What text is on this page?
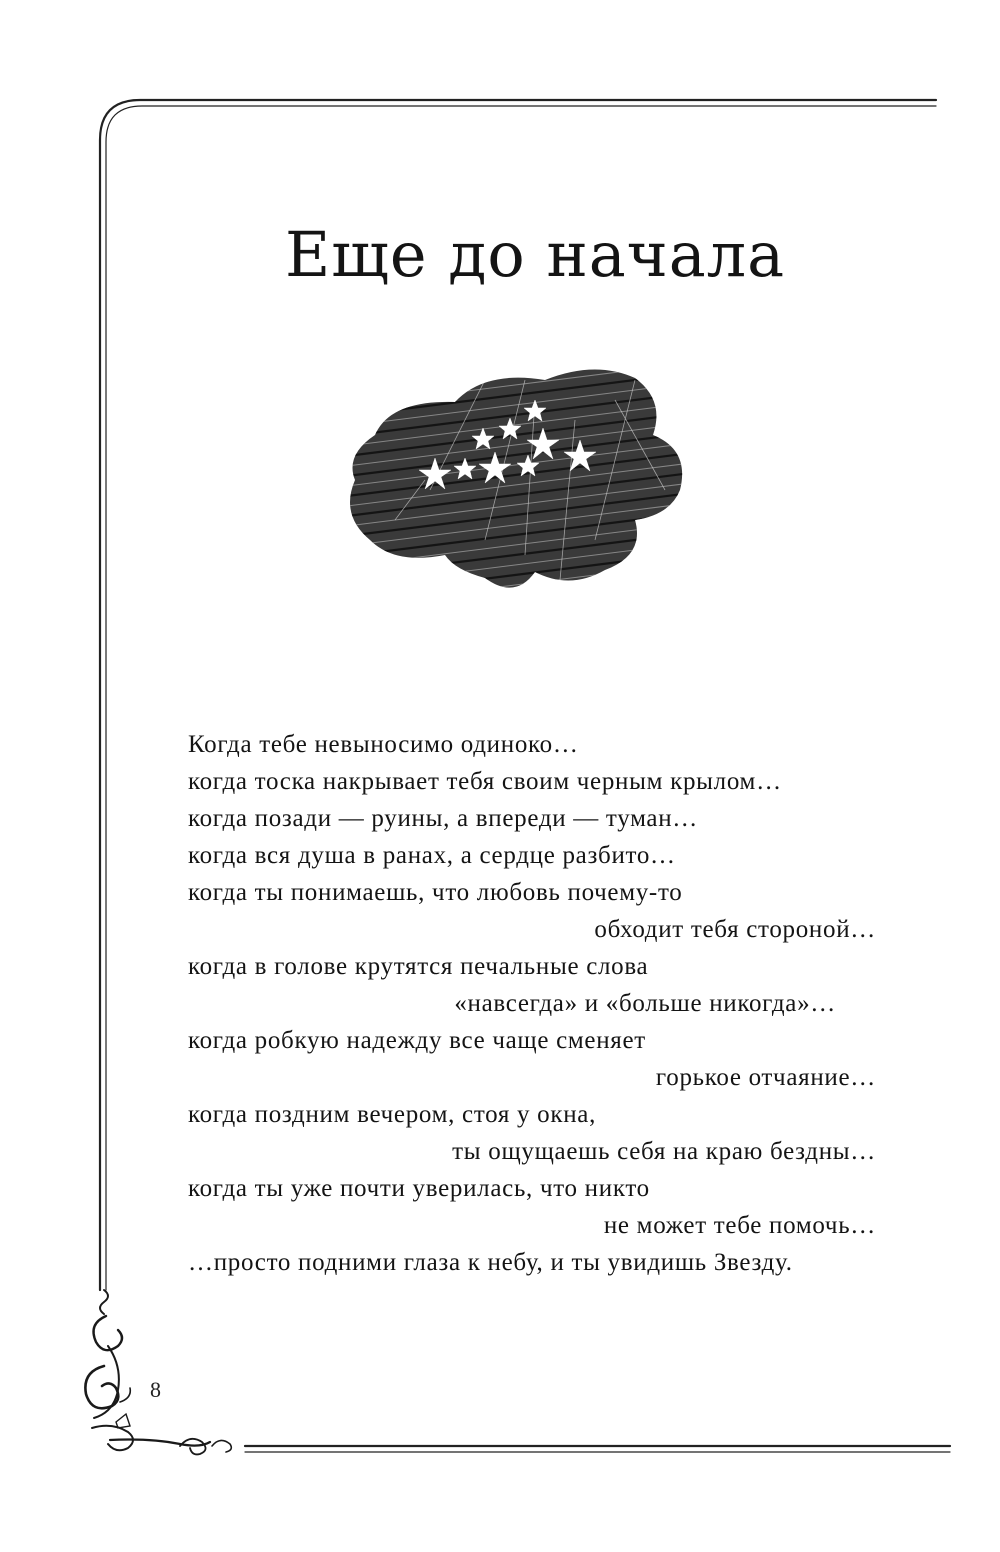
Еще до начала
Когда тебе невыносимо одиноко…
когда тоска накрывает тебя своим черным крылом…
когда позади — руины, а впереди — туман…
когда вся душа в ранах, а сердце разбито…
когда ты понимаешь, что любовь почему-то
обходит тебя стороной…
когда в голове крутятся печальные слова
«навсегда» и «больше никогда»…
когда робкую надежду все чаще сменяет
горькое отчаяние…
когда поздним вечером, стоя у окна,
ты ощущаешь себя на краю бездны…
когда ты уже почти уверилась, что никто
не может тебе помочь…
…просто подними глаза к небу, и ты увидишь Звезду.
8
